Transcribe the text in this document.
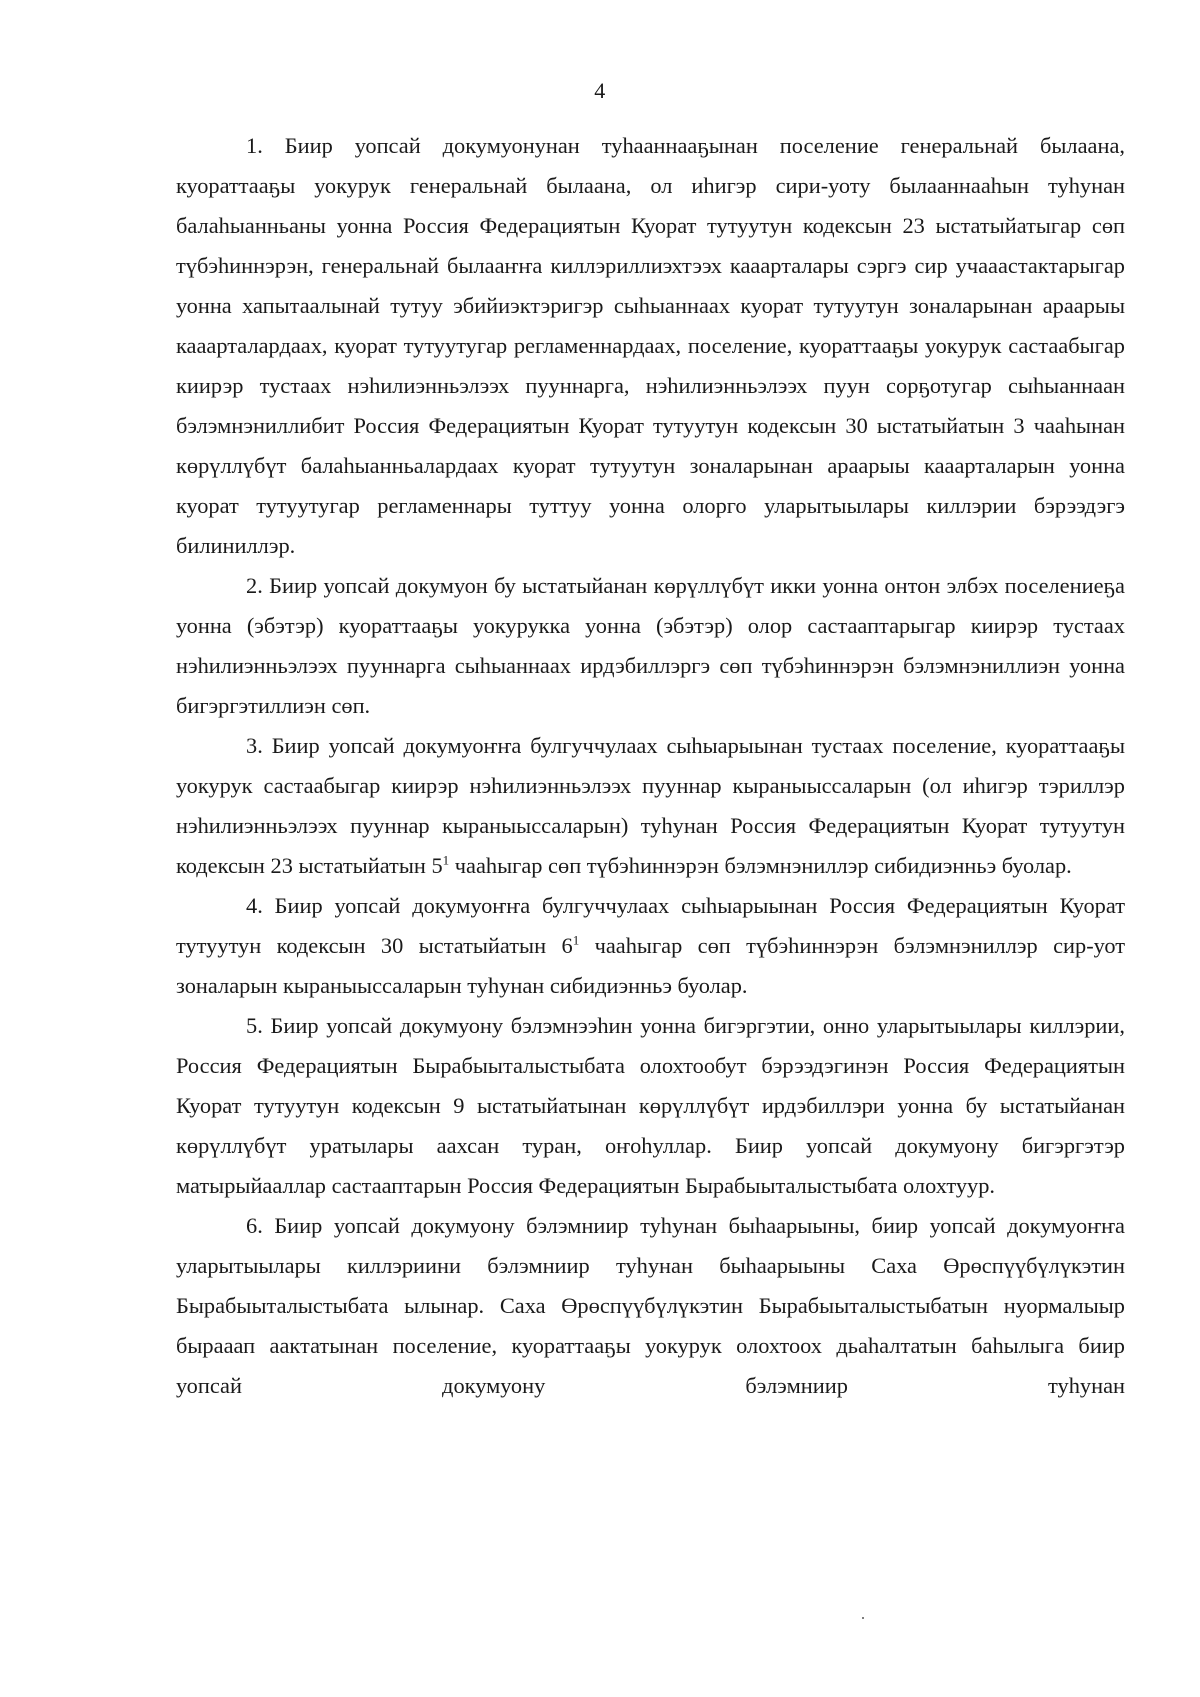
4

1. Биир уопсай докумуонунан туhааннааҕынан поселение генеральнай былаана, куораттааҕы уокурук генеральнай былаана, ол иhигэр сири-уоту былааннааhын туhунан балаhыанньаны уонна Россия Федерациятын Куорат тутуутун кодексын 23 ыстатыйатыгар сөп түбэhиннэрэн, генеральнай былааҥҥа киллэриллиэхтээх кааарталары сэргэ сир учааастактарыгар уонна хапытаалынай тутуу эбийиэктэригэр сыhыаннаах куорат тутуутун зоналарынан араарыы кааарталардаах, куорат тутуутугар регламеннардаах, поселение, куораттааҕы уокурук састаабыгар киирэр тустаах нэhилиэнньэлээх пууннарга, нэhилиэнньэлээх пуун сорҕотугар сыhыаннаан бэлэмнэниллибит Россия Федерациятын Куорат тутуутун кодексын 30 ыстатыйатын 3 чааhынан көрүллүбүт балаhыанньалардаах куорат тутуутун зоналарынан араарыы кааарталарын уонна куорат тутуутугар регламеннары туттуу уонна олорго уларытыылары киллэрии бэрээдэгэ билиниллэр.

2. Биир уопсай докумуон бу ыстатыйанан көрүллүбүт икки уонна онтон элбэх поселениеҕа уонна (эбэтэр) куораттааҕы уокурукка уонна (эбэтэр) олор састааптарыгар киирэр тустаах нэhилиэнньэлээх пууннарга сыhыаннаах ирдэбиллэргэ сөп түбэhиннэрэн бэлэмнэниллиэн уонна бигэргэтиллиэн сөп.

3. Биир уопсай докумуоҥҥа булгуччулаах сыhыарыынан тустаах поселение, куораттааҕы уокурук састаабыгар киирэр нэhилиэнньэлээх пууннар кыраныыссаларын (ол иhигэр тэриллэр нэhилиэнньэлээх пууннар кыраныыссаларын) туhунан Россия Федерациятын Куорат тутуутун кодексын 23 ыстатыйатын $5^1$ чааhыгар сөп түбэhиннэрэн бэлэмнэниллэр сибидиэнньэ буолар.

4. Биир уопсай докумуоҥҥа булгуччулаах сыhыарыынан Россия Федерациятын Куорат тутуутун кодексын 30 ыстатыйатын $6^1$ чааhыгар сөп түбэhиннэрэн бэлэмнэниллэр сир-уот зоналарын кыраныыссаларын туhунан сибидиэнньэ буолар.

5. Биир уопсай докумуону бэлэмнээhин уонна бигэргэтии, онно уларытыылары киллэрии, Россия Федерациятын Бырабыыталыстыбата олохтообут бэрээдэгинэн Россия Федерациятын Куорат тутуутун кодексын 9 ыстатыйатынан көрүллүбүт ирдэбиллэри уонна бу ыстатыйанан көрүллүбүт уратылары аахсан туран, оҥоhуллар. Биир уопсай докумуону бигэргэтэр матырыйааллар састааптарын Россия Федерациятын Бырабыыталыстыбата олохтуур.

6. Биир уопсай докумуону бэлэмниир туhунан быhаарыыны, биир уопсай докумуоҥҥа уларытыылары киллэриини бэлэмниир туhунан быhаарыыны Саха Өрөспүүбүлүкэтин Бырабыыталыстыбата ылынар. Саха Өрөспүүбүлүкэтин Бырабыыталыстыбатын нуормалыыр бырааап аактатынан поселение, куораттааҕы уокурук олохтоох дьаhалтатын баhылыгa биир уопсай докумуону бэлэмниир туhунан
